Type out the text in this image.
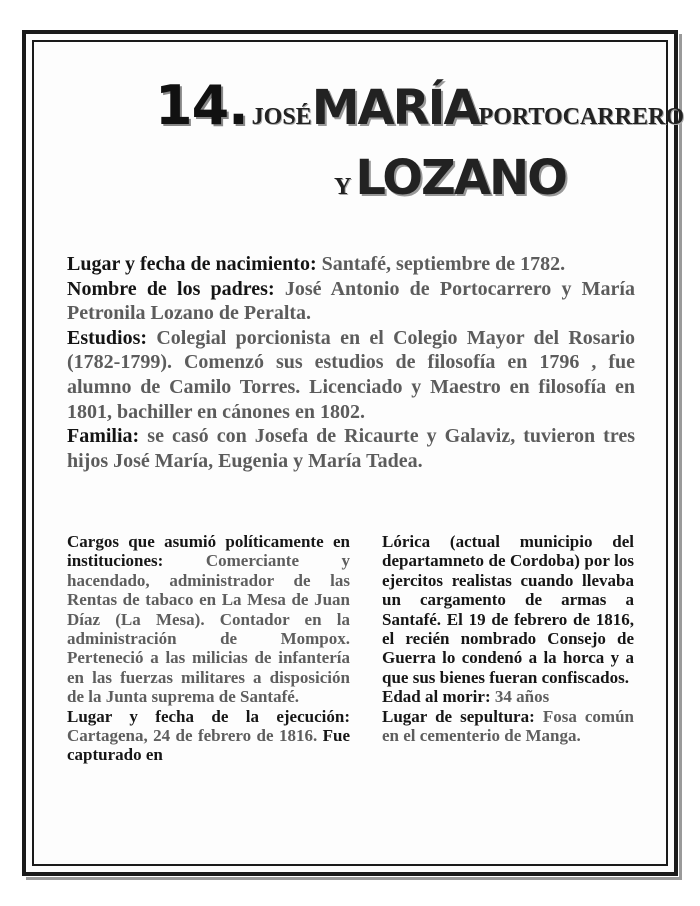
14. JOSÉMARÍAPORTOCARRERO
Y LOZANO

Lugar y fecha de nacimiento: Santafé, septiembre de 1782.

Nombre de los padres: José Antonio de Portocarrero y María Petronila Lozano de Peralta.

Estudios: Colegial porcionista en el Colegio Mayor del Rosario (1782-1799). Comenzó sus estudios de filosofía en 1796 , fue alumno de Camilo Torres. Licenciado y Maestro en filosofía en 1801, bachiller en cánones en 1802.

Familia: se casó con Josefa de Ricaurte y Galaviz, tuvieron tres hijos José María, Eugenia y María Tadea.

Cargos que asumió políticamente en instituciones:	Comerciante y hacendado, administrador de las Rentas de tabaco en La Mesa de Juan Díaz (La Mesa). Contador en la administración de Mompox. Perteneció a las milicias de infantería en las fuerzas militares a disposición de la Junta suprema de Santafé.

Lugar y fecha de la ejecución: Cartagena, 24 de febrero de 1816. Fue capturado en

Lórica (actual municipio del departamneto de Cordoba) por los ejercitos realistas cuando llevaba un cargamento de armas a Santafé. El 19 de febrero de 1816, el recién nombrado Consejo de Guerra lo condenó a la horca y a que sus bienes fueran confiscados.

Edad al morir: 34 años

Lugar de sepultura: Fosa común en el cementerio de Manga.
